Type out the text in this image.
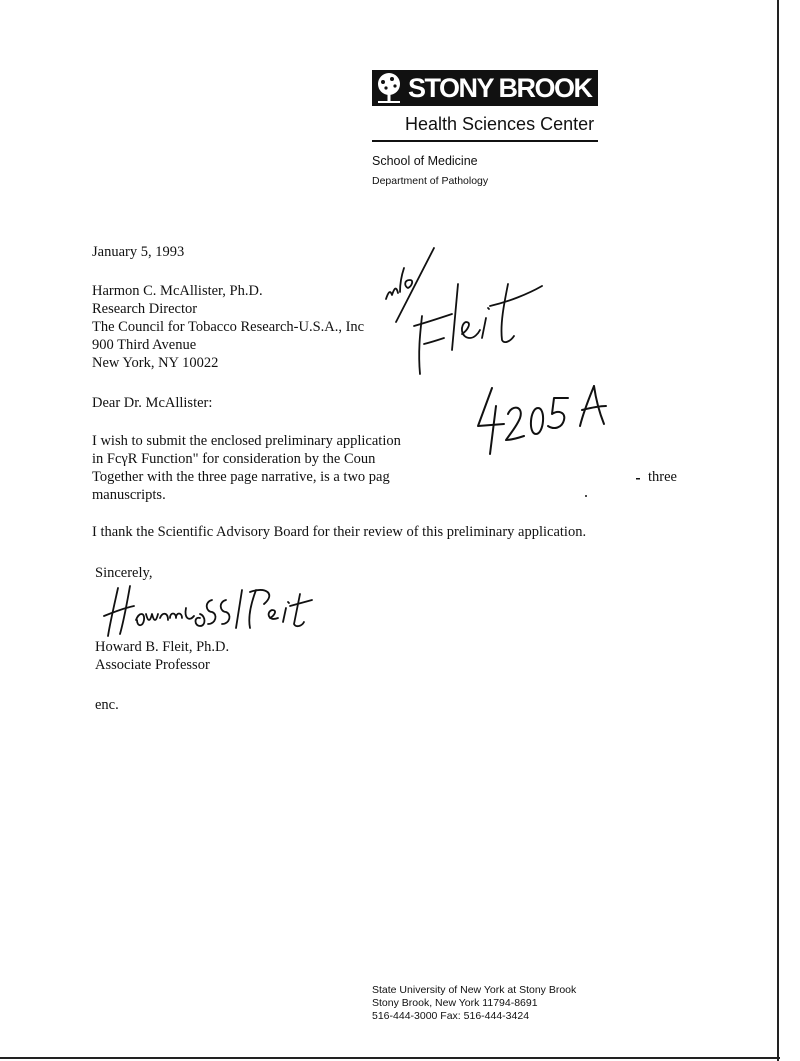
STONY BROOK
Health Sciences Center
School of Medicine
Department of Pathology
January 5, 1993
Harmon C. McAllister, Ph.D.
Research Director
The Council for Tobacco Research-U.S.A., Inc
900 Third Avenue
New York, NY 10022
Dear Dr. McAllister:
I wish to submit the enclosed preliminary application
in FcγR Function" for consideration by the Coun
Together with the three page narrative, is a two pag	three
manuscripts.
I thank the Scientific Advisory Board for their review of this preliminary application.
Sincerely,
Howard B. Fleit, Ph.D.
Associate Professor
enc.
State University of New York at Stony Brook
Stony Brook, New York 11794-8691
516-444-3000 Fax: 516-444-3424
